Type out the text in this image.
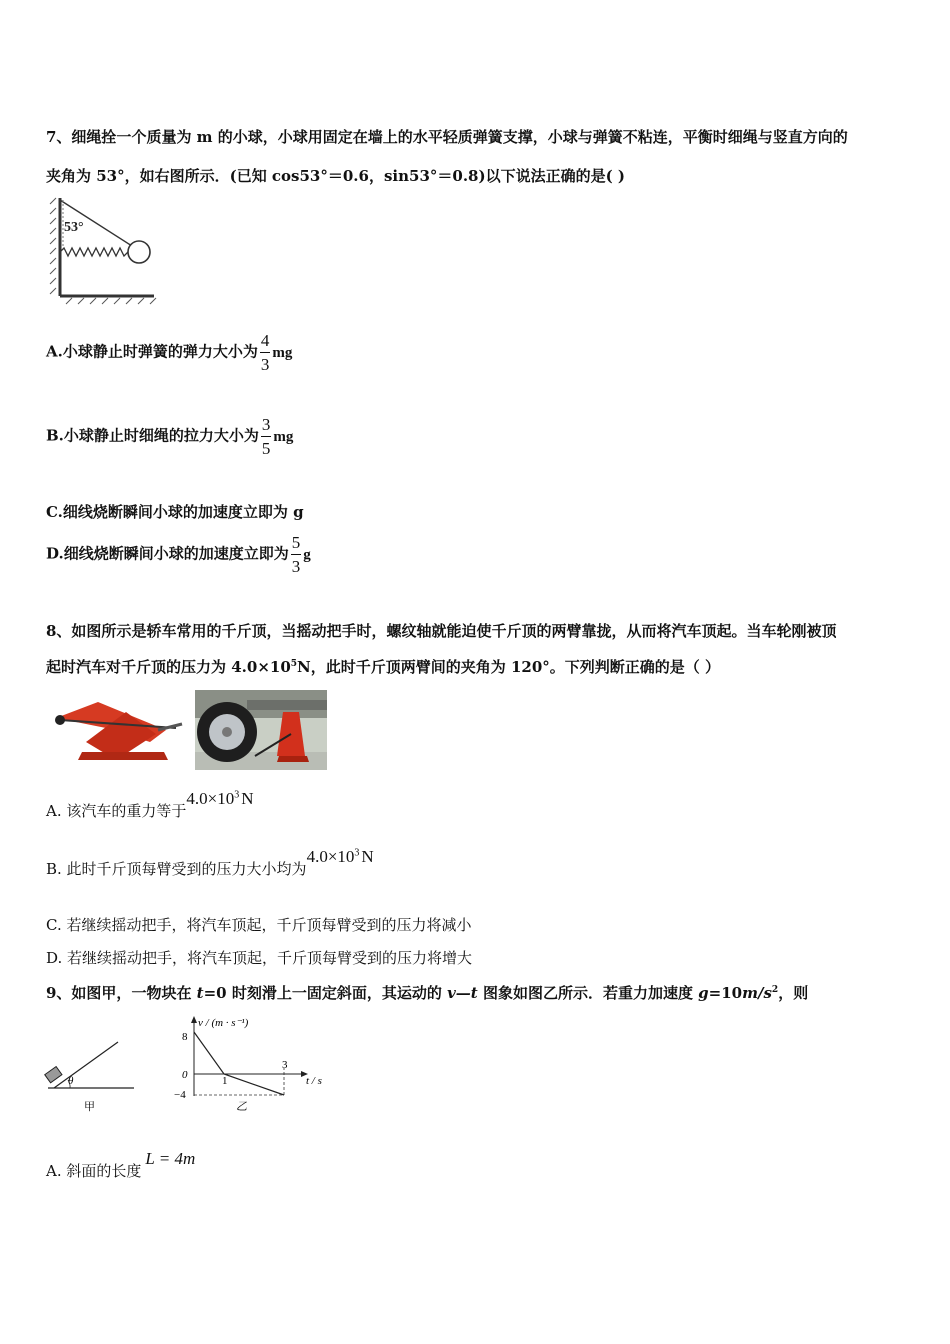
7、细绳拴一个质量为 m 的小球，小球用固定在墙上的水平轻质弹簧支撑，小球与弹簧不粘连，平衡时细绳与竖直方向的
夹角为 53°，如右图所示．(已知 cos53°＝0.6，sin53°＝0.8)以下说法正确的是( )
53°
A.小球静止时弹簧的弹力大小为 $\frac{4}{3}$ mg
B.小球静止时细绳的拉力大小为 $\frac{3}{5}$ mg
C.细线烧断瞬间小球的加速度立即为 g
D.细线烧断瞬间小球的加速度立即为 $\frac{5}{3}$ g
8、如图所示是轿车常用的千斤顶，当摇动把手时，螺纹轴就能迫使千斤顶的两臂靠拢，从而将汽车顶起。当车轮刚被顶
起时汽车对千斤顶的压力为 $4.0\times 10^5N$，此时千斤顶两臂间的夹角为 120°。下列判断正确的是（ ）
A. 该汽车的重力等于$4.0\times 10^3$ N
B. 此时千斤顶每臂受到的压力大小均为$4.0\times 10^3$ N
C. 若继续摇动把手，将汽车顶起，千斤顶每臂受到的压力将减小
D. 若继续摇动把手，将汽车顶起，千斤顶每臂受到的压力将增大
9、如图甲，一物块在 t=0 时刻滑上一固定斜面，其运动的 v—t 图象如图乙所示．若重力加速度 $g=10m/s^2$，则
θ
甲
v / (m · s⁻¹)
t / s
0
8
−4
1
3
乙
A. 斜面的长度L = 4m
